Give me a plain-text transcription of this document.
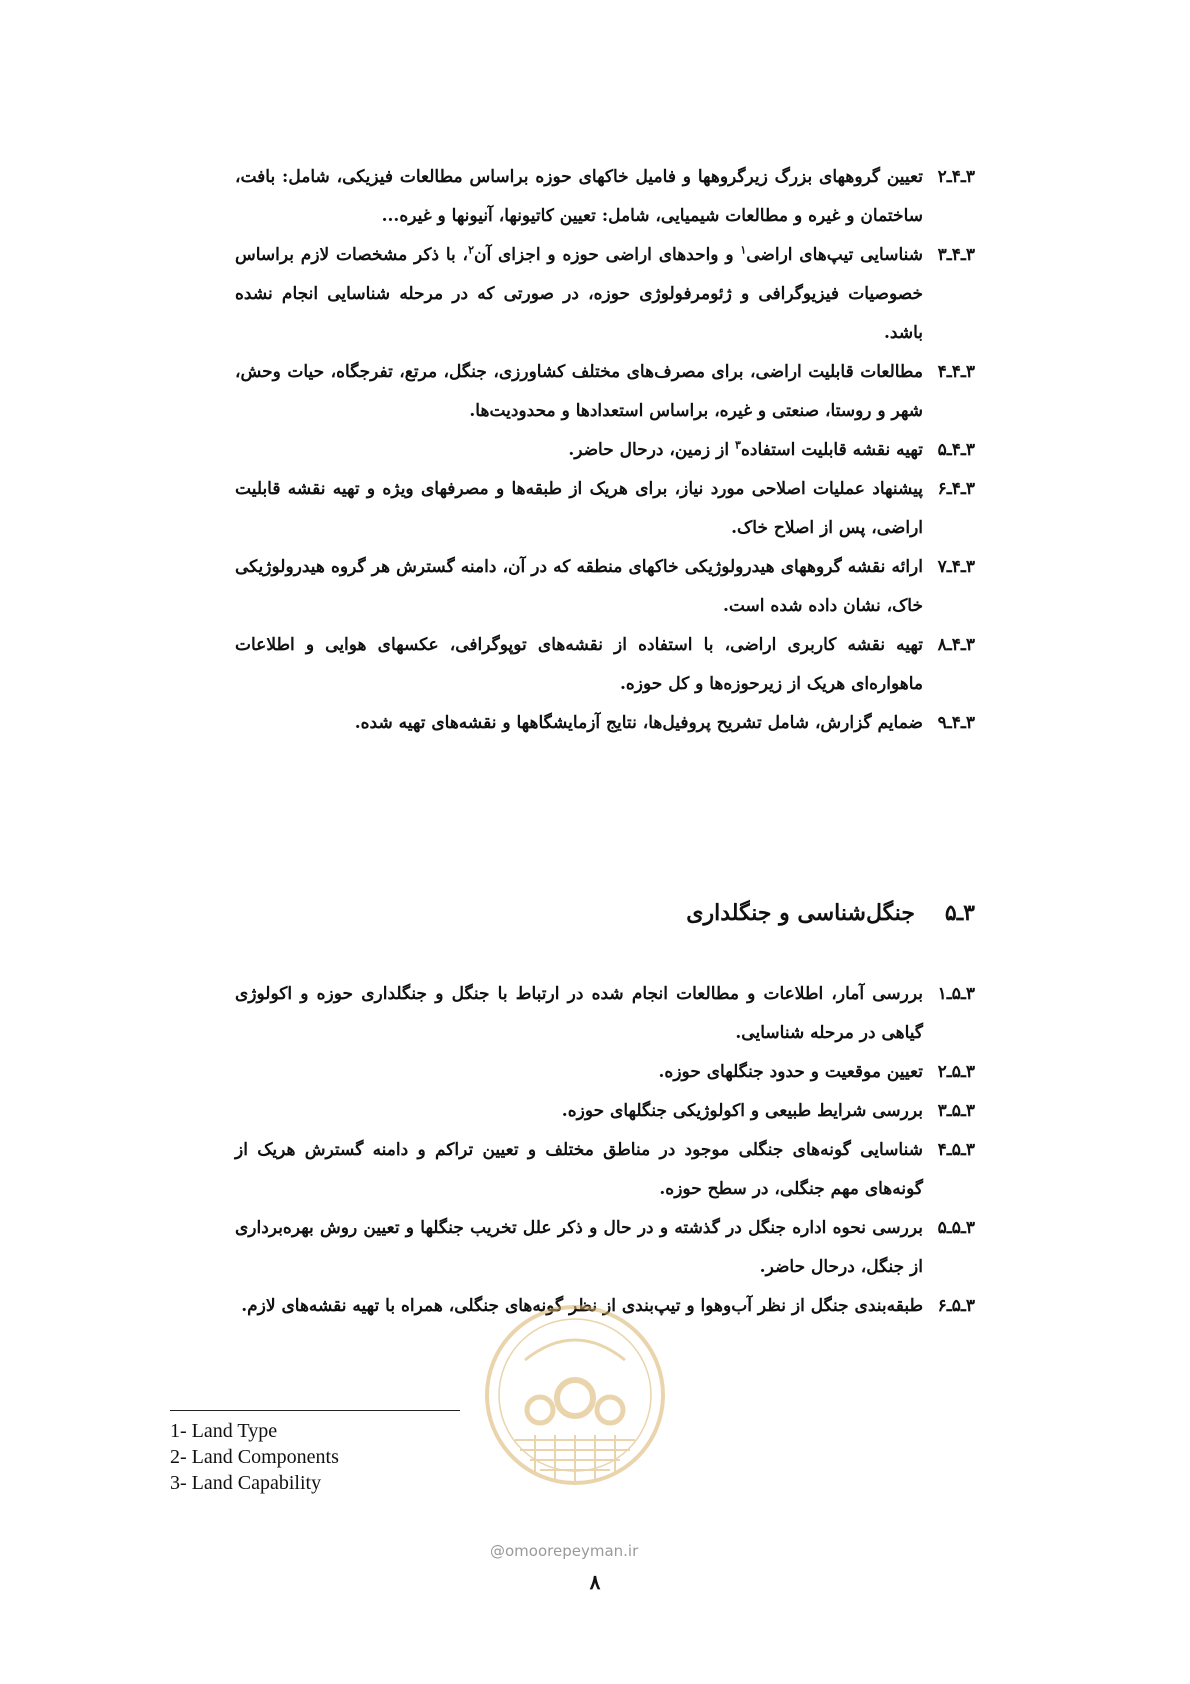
۳ـ۴ـ۲
تعیین گروههای بزرگ زیرگروهها و فامیل خاکهای حوزه براساس مطالعات فیزیکی، شامل: بافت، ساختمان و غیره و مطالعات شیمیایی، شامل: تعیین کاتیونها، آنیونها و غیره...
۳ـ۴ـ۳
شناسایی تیپ‌های اراضی$^۱$ و واحدهای اراضی حوزه و اجزای آن$^۲$، با ذکر مشخصات لازم براساس خصوصیات فیزیوگرافی و ژئومرفولوژی حوزه، در صورتی که در مرحله شناسایی انجام نشده باشد.
۳ـ۴ـ۴
مطالعات قابلیت اراضی، برای مصرف‌های مختلف کشاورزی، جنگل، مرتع، تفرجگاه، حیات وحش، شهر و روستا، صنعتی و غیره، براساس استعدادها و محدودیت‌ها.
۳ـ۴ـ۵
تهیه نقشه قابلیت استفاده$^۳$ از زمین، درحال حاضر.
۳ـ۴ـ۶
پیشنهاد عملیات اصلاحی مورد نیاز، برای هریک از طبقه‌ها و مصرفهای ویژه و تهیه نقشه قابلیت اراضی، پس از اصلاح خاک.
۳ـ۴ـ۷
ارائه نقشه گروههای هیدرولوژیکی خاکهای منطقه که در آن، دامنه گسترش هر گروه هیدرولوژیکی خاک، نشان داده شده است.
۳ـ۴ـ۸
تهیه نقشه کاربری اراضی، با استفاده از نقشه‌های توپوگرافی، عکسهای هوایی و اطلاعات ماهواره‌ای هریک از زیرحوزه‌ها و کل حوزه.
۳ـ۴ـ۹
ضمایم گزارش، شامل تشریح پروفیل‌ها، نتایج آزمایشگاهها و نقشه‌های تهیه شده.
۳ـ۵
جنگل‌شناسی و جنگلداری
۳ـ۵ـ۱
بررسی آمار، اطلاعات و مطالعات انجام شده در ارتباط با جنگل و جنگلداری حوزه و اکولوژی گیاهی در مرحله شناسایی.
۳ـ۵ـ۲
تعیین موقعیت و حدود جنگلهای حوزه.
۳ـ۵ـ۳
بررسی شرایط طبیعی و اکولوژیکی جنگلهای حوزه.
۳ـ۵ـ۴
شناسایی گونه‌های جنگلی موجود در مناطق مختلف و تعیین تراکم و دامنه گسترش هریک از گونه‌های مهم جنگلی، در سطح حوزه.
۳ـ۵ـ۵
بررسی نحوه اداره جنگل در گذشته و در حال و ذکر علل تخریب جنگلها و تعیین روش بهره‌برداری از جنگل، درحال حاضر.
۳ـ۵ـ۶
طبقه‌بندی جنگل از نظر آب‌وهوا و تیپ‌بندی از نظر گونه‌های جنگلی، همراه با تهیه نقشه‌های لازم.
@omoorepeyman.ir
1- Land Type
2- Land Components
3- Land Capability
۸
